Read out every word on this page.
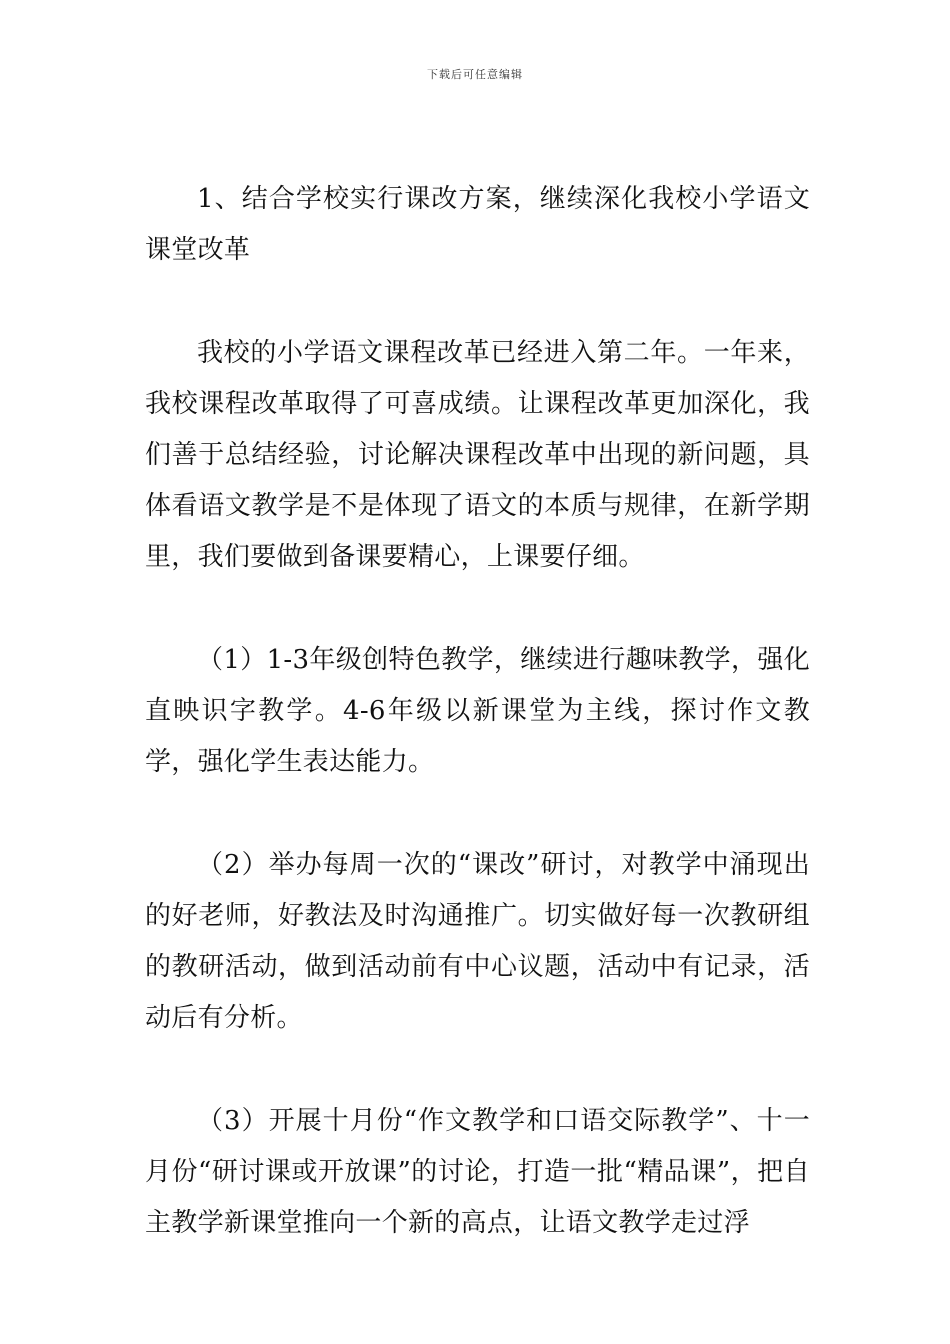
下载后可任意编辑

1、结合学校实行课改方案，继续深化我校小学语文课堂改革

我校的小学语文课程改革已经进入第二年。一年来，我校课程改革取得了可喜成绩。让课程改革更加深化，我们善于总结经验，讨论解决课程改革中出现的新问题，具体看语文教学是不是体现了语文的本质与规律，在新学期里，我们要做到备课要精心，上课要仔细。

（1）1-3年级创特色教学，继续进行趣味教学，强化直映识字教学。4-6年级以新课堂为主线，探讨作文教学，强化学生表达能力。

（2）举办每周一次的“课改”研讨，对教学中涌现出的好老师，好教法及时沟通推广。切实做好每一次教研组的教研活动，做到活动前有中心议题，活动中有记录，活动后有分析。

（3）开展十月份“作文教学和口语交际教学”、十一月份“研讨课或开放课”的讨论，打造一批“精品课”，把自主教学新课堂推向一个新的高点，让语文教学走过浮
